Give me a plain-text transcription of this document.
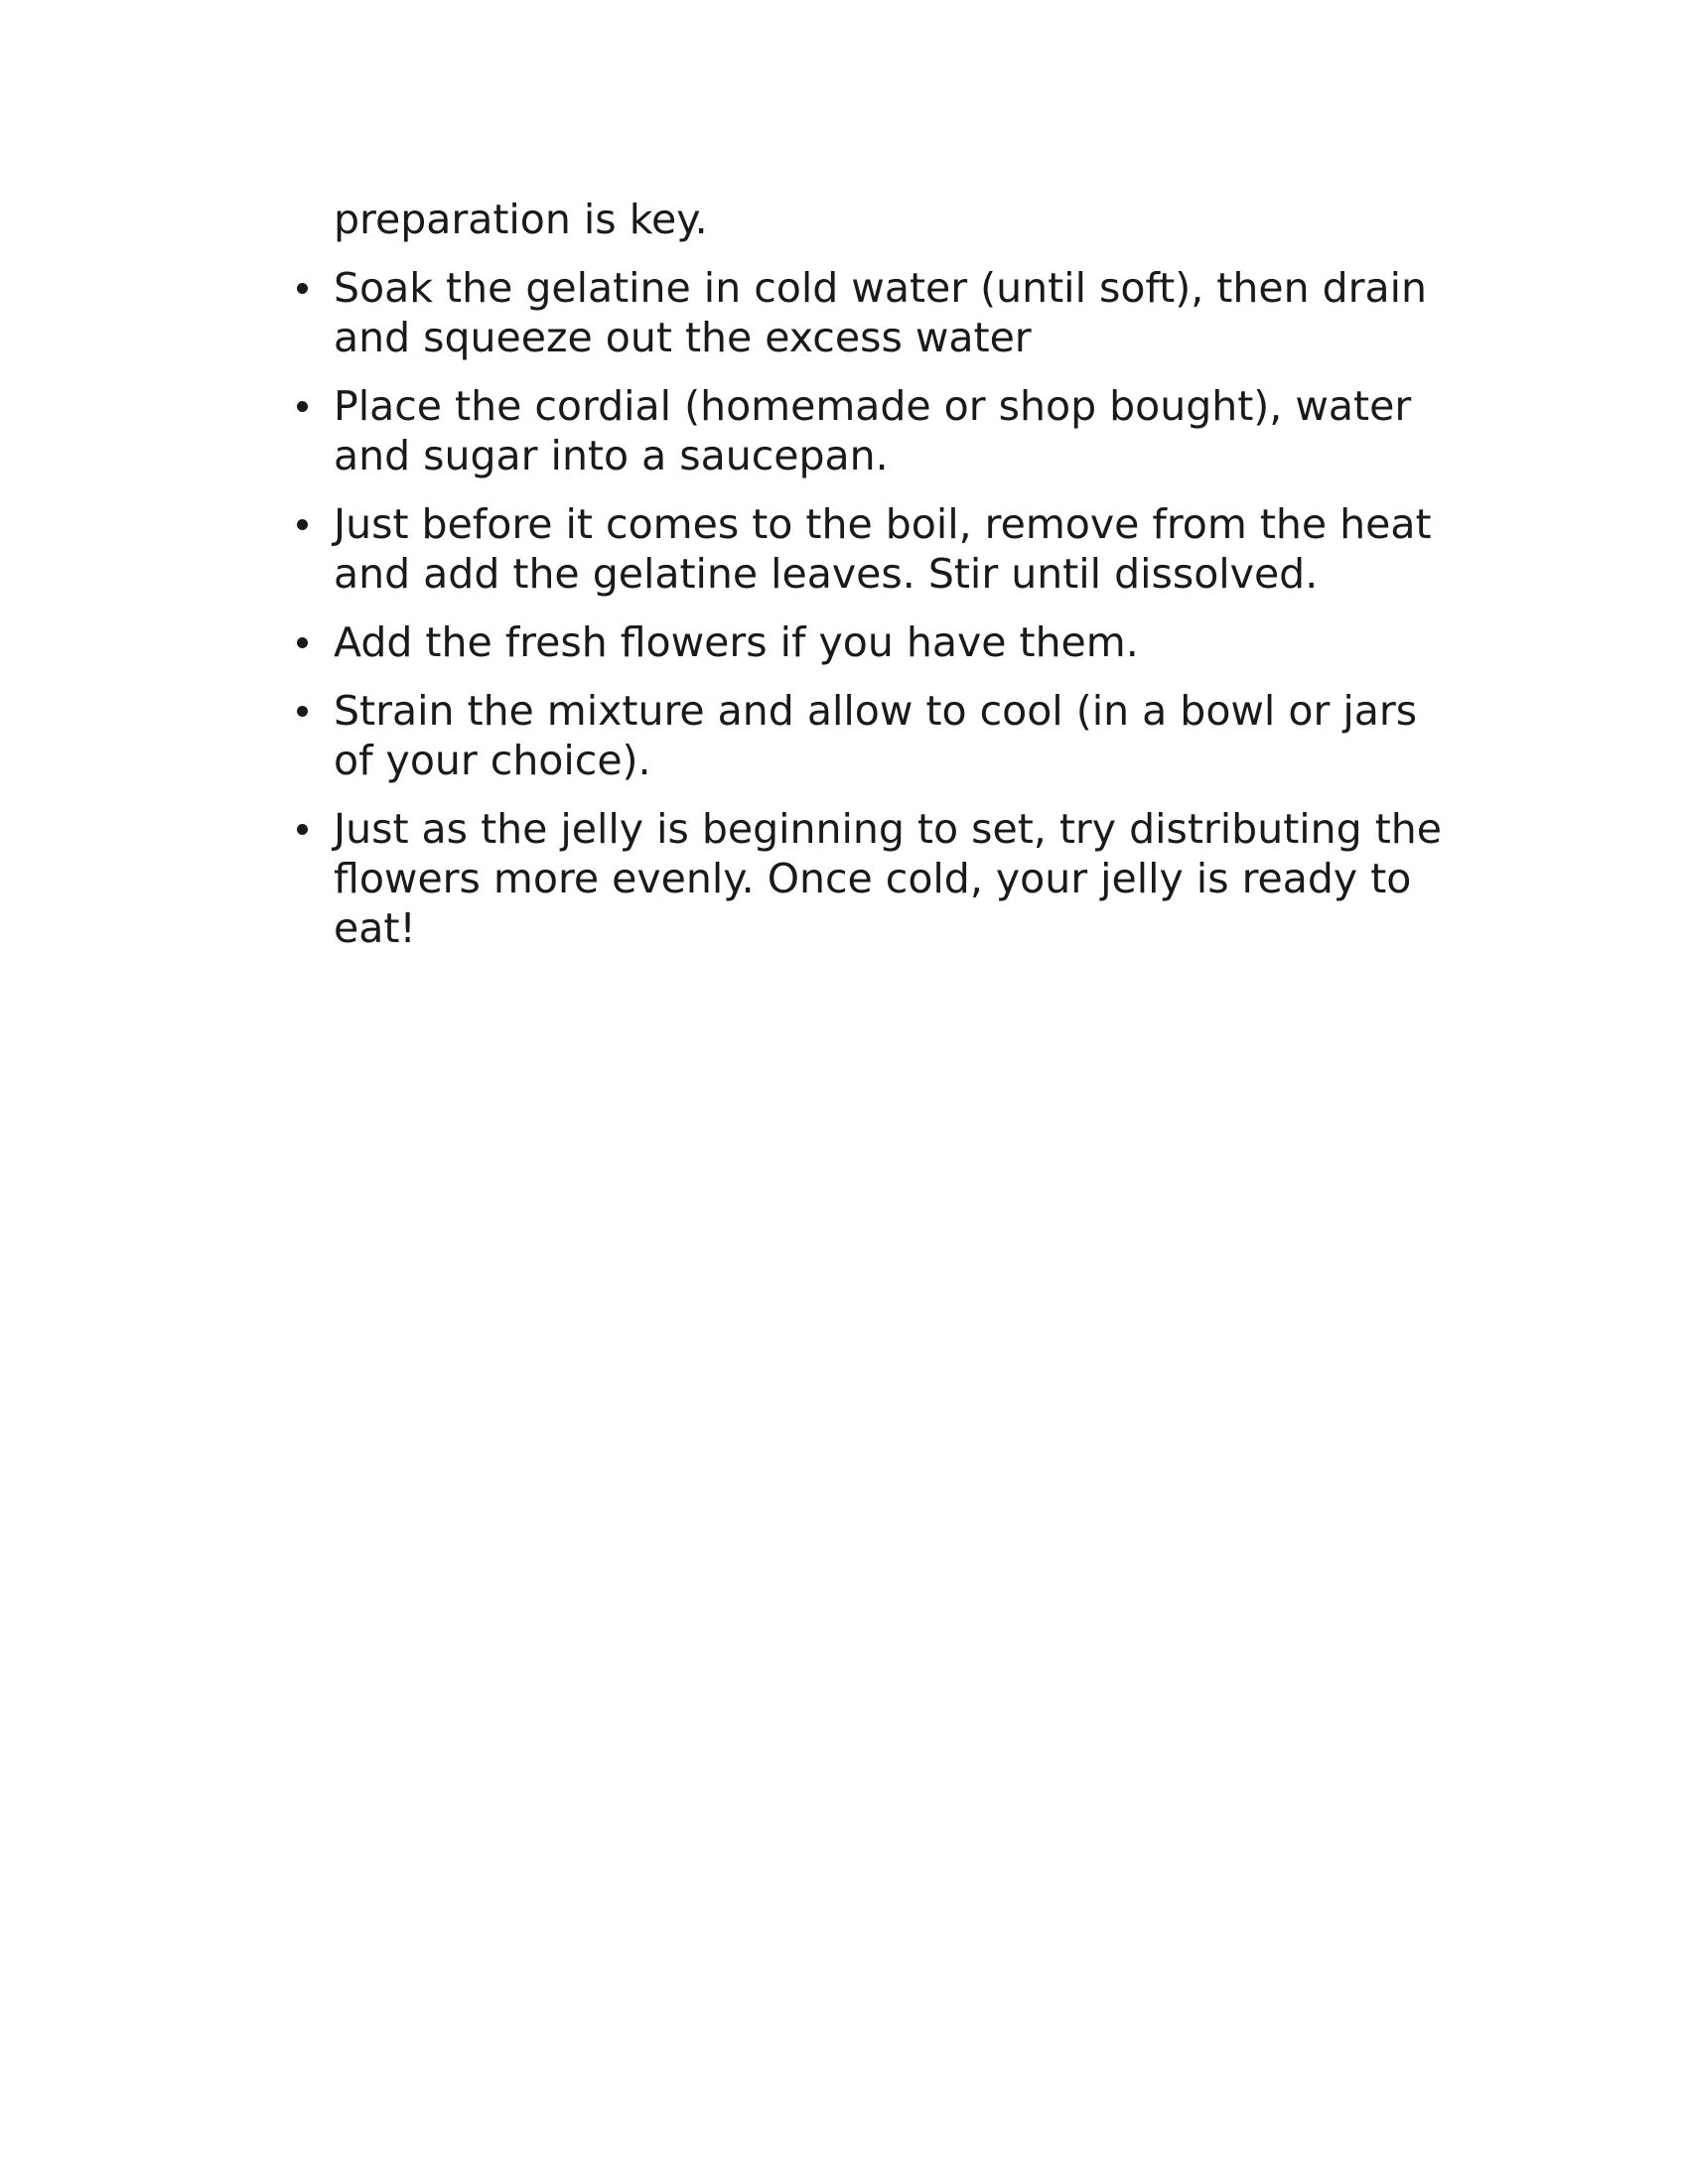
preparation is key.

Soak the gelatine in cold water (until soft), then drain and squeeze out the excess water
Place the cordial (homemade or shop bought), water and sugar into a saucepan.
Just before it comes to the boil, remove from the heat and add the gelatine leaves. Stir until dissolved.
Add the fresh flowers if you have them.
Strain the mixture and allow to cool (in a bowl or jars of your choice).
Just as the jelly is beginning to set, try distributing the flowers more evenly. Once cold, your jelly is ready to eat!
